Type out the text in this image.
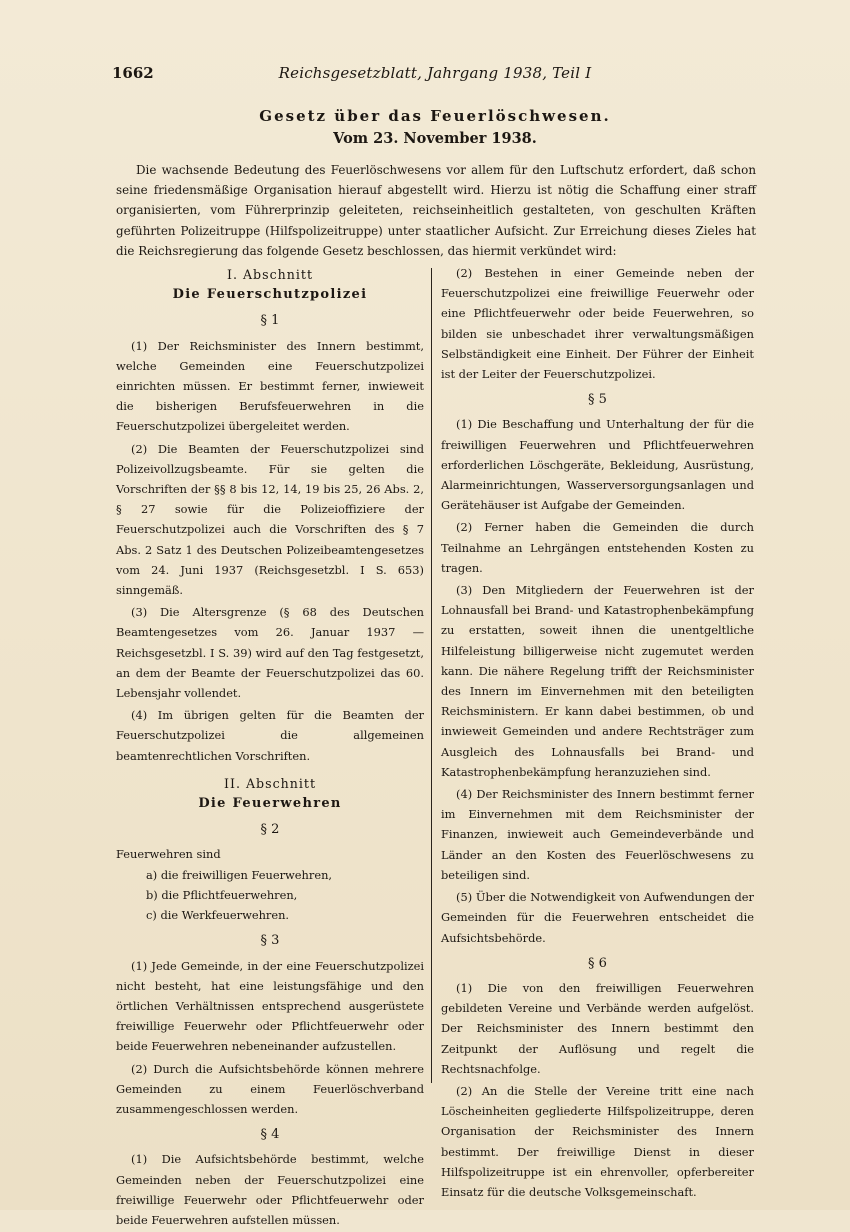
1662	Reichsgesetzblatt, Jahrgang 1938, Teil I
Gesetz über das Feuerlöschwesen.
Vom 23. November 1938.

Die wachsende Bedeutung des Feuerlöschwesens vor allem für den Luftschutz erfordert, daß schon seine friedensmäßige Organisation hierauf abgestellt wird. Hierzu ist nötig die Schaffung einer straff organisierten, vom Führerprinzip geleiteten, reichseinheitlich gestalteten, von geschulten Kräften geführten Polizeitruppe (Hilfspolizeitruppe) unter staatlicher Aufsicht. Zur Erreichung dieses Zieles hat die Reichsregierung das folgende Gesetz beschlossen, das hiermit verkündet wird:

I. Abschnitt
Die Feuerschutzpolizei
§ 1

(1) Der Reichsminister des Innern bestimmt, welche Gemeinden eine Feuerschutzpolizei einrichten müssen. Er bestimmt ferner, inwieweit die bisherigen Berufsfeuerwehren in die Feuerschutzpolizei übergeleitet werden.

(2) Die Beamten der Feuerschutzpolizei sind Polizeivollzugsbeamte. Für sie gelten die Vorschriften der §§ 8 bis 12, 14, 19 bis 25, 26 Abs. 2, § 27 sowie für die Polizeioffiziere der Feuerschutzpolizei auch die Vorschriften des § 7 Abs. 2 Satz 1 des Deutschen Polizeibeamtengesetzes vom 24. Juni 1937 (Reichsgesetzbl. I S. 653) sinngemäß.

(3) Die Altersgrenze (§ 68 des Deutschen Beamtengesetzes vom 26. Januar 1937 — Reichsgesetzbl. I S. 39) wird auf den Tag festgesetzt, an dem der Beamte der Feuerschutzpolizei das 60. Lebensjahr vollendet.

(4) Im übrigen gelten für die Beamten der Feuerschutzpolizei die allgemeinen beamtenrechtlichen Vorschriften.

II. Abschnitt
Die Feuerwehren
§ 2

Feuerwehren sind

a) die freiwilligen Feuerwehren,
b) die Pflichtfeuerwehren,
c) die Werkfeuerwehren.
§ 3

(1) Jede Gemeinde, in der eine Feuerschutzpolizei nicht besteht, hat eine leistungsfähige und den örtlichen Verhältnissen entsprechend ausgerüstete freiwillige Feuerwehr oder Pflichtfeuerwehr oder beide Feuerwehren nebeneinander aufzustellen.

(2) Durch die Aufsichtsbehörde können mehrere Gemeinden zu einem Feuerlöschverband zusammengeschlossen werden.

§ 4

(1) Die Aufsichtsbehörde bestimmt, welche Gemeinden neben der Feuerschutzpolizei eine freiwillige Feuerwehr oder Pflichtfeuerwehr oder beide Feuerwehren aufstellen müssen.

(2) Bestehen in einer Gemeinde neben der Feuerschutzpolizei eine freiwillige Feuerwehr oder eine Pflichtfeuerwehr oder beide Feuerwehren, so bilden sie unbeschadet ihrer verwaltungsmäßigen Selbständigkeit eine Einheit. Der Führer der Einheit ist der Leiter der Feuerschutzpolizei.

§ 5

(1) Die Beschaffung und Unterhaltung der für die freiwilligen Feuerwehren und Pflichtfeuerwehren erforderlichen Löschgeräte, Bekleidung, Ausrüstung, Alarmeinrichtungen, Wasserversorgungsanlagen und Gerätehäuser ist Aufgabe der Gemeinden.

(2) Ferner haben die Gemeinden die durch Teilnahme an Lehrgängen entstehenden Kosten zu tragen.

(3) Den Mitgliedern der Feuerwehren ist der Lohnausfall bei Brand- und Katastrophenbekämpfung zu erstatten, soweit ihnen die unentgeltliche Hilfeleistung billigerweise nicht zugemutet werden kann. Die nähere Regelung trifft der Reichsminister des Innern im Einvernehmen mit den beteiligten Reichsministern. Er kann dabei bestimmen, ob und inwieweit Gemeinden und andere Rechtsträger zum Ausgleich des Lohnausfalls bei Brand- und Katastrophenbekämpfung heranzuziehen sind.

(4) Der Reichsminister des Innern bestimmt ferner im Einvernehmen mit dem Reichsminister der Finanzen, inwieweit auch Gemeindeverbände und Länder an den Kosten des Feuerlöschwesens zu beteiligen sind.

(5) Über die Notwendigkeit von Aufwendungen der Gemeinden für die Feuerwehren entscheidet die Aufsichtsbehörde.

§ 6

(1) Die von den freiwilligen Feuerwehren gebildeten Vereine und Verbände werden aufgelöst. Der Reichsminister des Innern bestimmt den Zeitpunkt der Auflösung und regelt die Rechtsnachfolge.

(2) An die Stelle der Vereine tritt eine nach Löscheinheiten gegliederte Hilfspolizeitruppe, deren Organisation der Reichsminister des Innern bestimmt. Der freiwillige Dienst in dieser Hilfspolizeitruppe ist ein ehrenvoller, opferbereiter Einsatz für die deutsche Volksgemeinschaft.
